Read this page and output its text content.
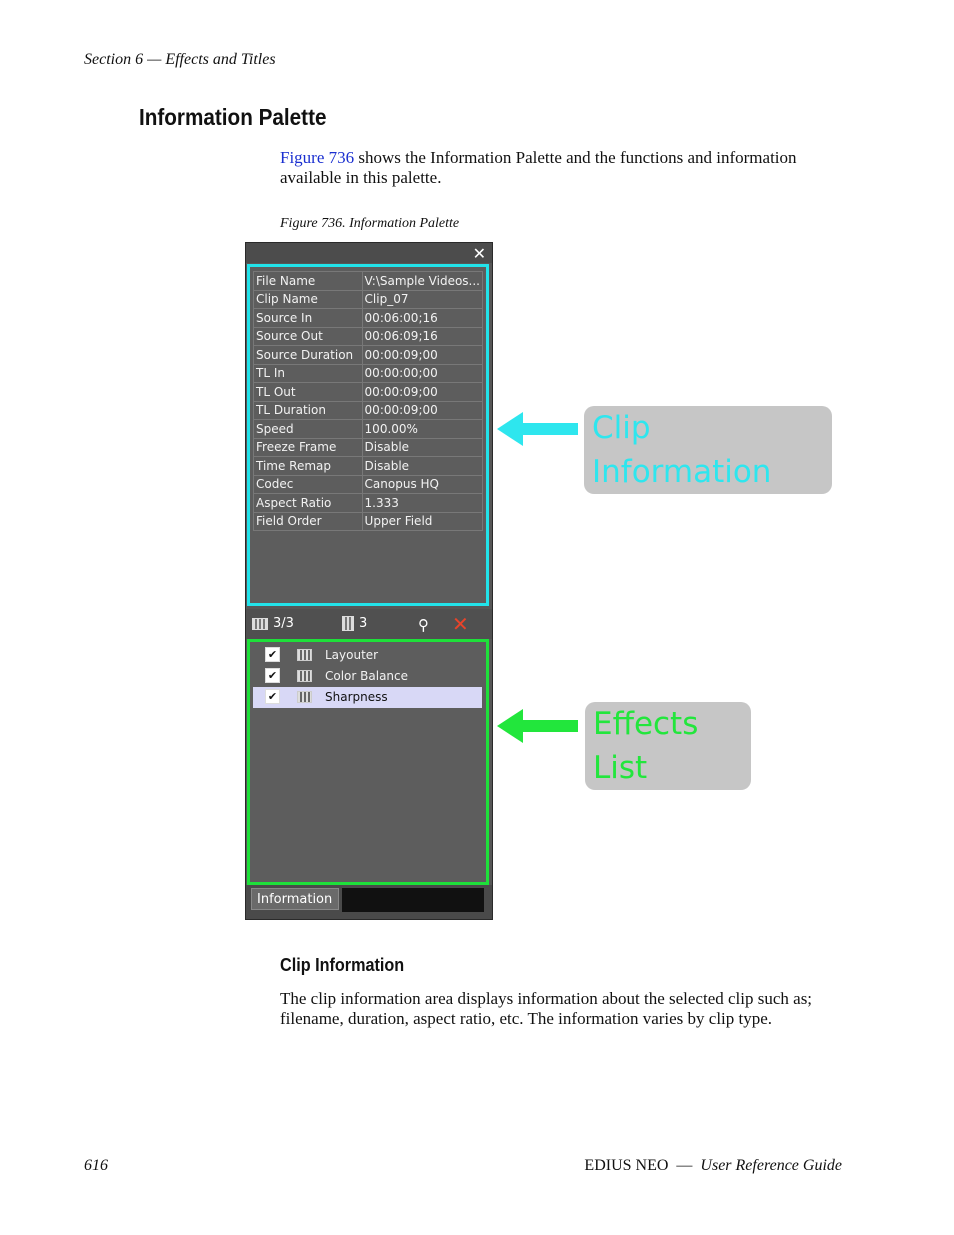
Section 6 — Effects and Titles
Information Palette
Figure 736 shows the Information Palette and the functions and information available in this palette.
Figure 736. Information Palette
✕
File Name	V:\Sample Videos...
Clip Name	Clip_07
Source In	00:06:00;16
Source Out	00:06:09;16
Source Duration	00:00:09;00
TL In	00:00:00;00
TL Out	00:00:09;00
TL Duration	00:00:09;00
Speed	100.00%
Freeze Frame	Disable
Time Remap	Disable
Codec	Canopus HQ
Aspect Ratio	1.333
Field Order	Upper Field
3/3	3	⚲ ✕
✔	Layouter
✔	Color Balance
✔	Sharpness
Information
Clip Information
Effects List
Clip Information
The clip information area displays information about the selected clip such as; filename, duration, aspect ratio, etc. The information varies by clip type.
616	EDIUS NEO — User Reference Guide
